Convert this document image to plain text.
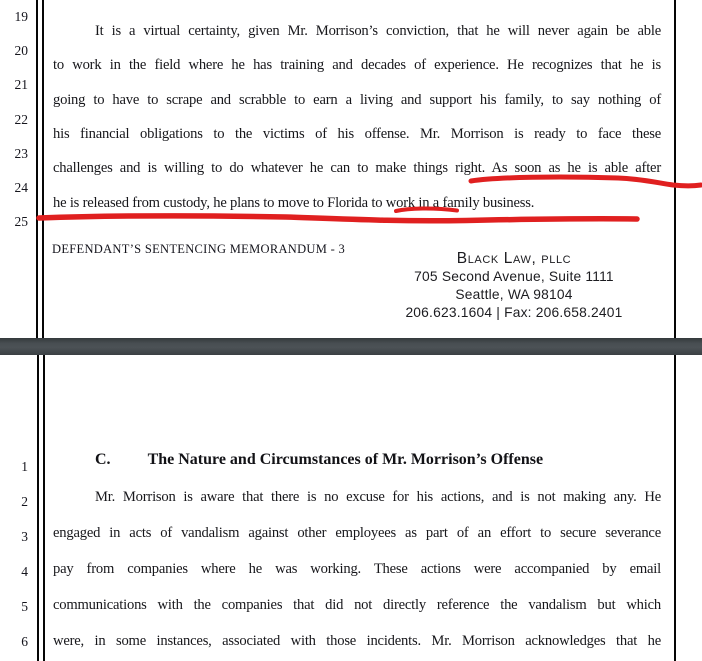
19
20
21
22
23
24
25
It is a virtual certainty, given Mr. Morrison’s conviction, that he will never again be able
to work in the field where he has training and decades of experience. He recognizes that he is
going to have to scrape and scrabble to earn a living and support his family, to say nothing of
his financial obligations to the victims of his offense. Mr. Morrison is ready to face these
challenges and is willing to do whatever he can to make things right. As soon as he is able after
he is released from custody, he plans to move to Florida to work in a family business.
DEFENDANT’S SENTENCING MEMORANDUM - 3
Black Law, pllc
705 Second Avenue, Suite 1111
Seattle, WA 98104
206.623.1604 | Fax: 206.658.2401
1
2
3
4
5
6
C. The Nature and Circumstances of Mr. Morrison’s Offense
Mr. Morrison is aware that there is no excuse for his actions, and is not making any. He
engaged in acts of vandalism against other employees as part of an effort to secure severance
pay from companies where he was working. These actions were accompanied by email
communications with the companies that did not directly reference the vandalism but which
were, in some instances, associated with those incidents. Mr. Morrison acknowledges that he
